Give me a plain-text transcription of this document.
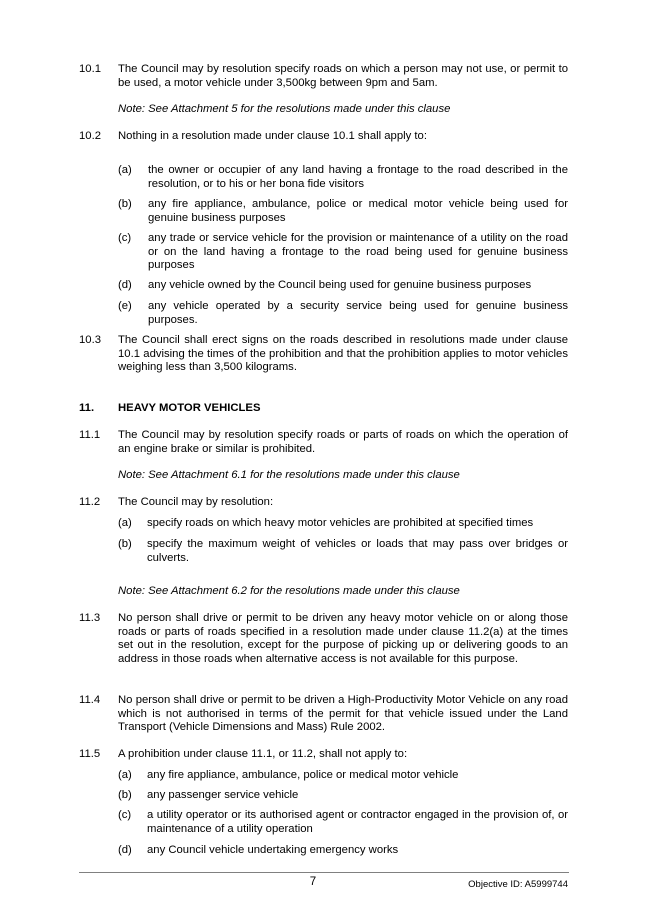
10.1 The Council may by resolution specify roads on which a person may not use, or permit to be used, a motor vehicle under 3,500kg between 9pm and 5am.
Note: See Attachment 5 for the resolutions made under this clause
10.2 Nothing in a resolution made under clause 10.1 shall apply to:
(a) the owner or occupier of any land having a frontage to the road described in the resolution, or to his or her bona fide visitors
(b) any fire appliance, ambulance, police or medical motor vehicle being used for genuine business purposes
(c) any trade or service vehicle for the provision or maintenance of a utility on the road or on the land having a frontage to the road being used for genuine business purposes
(d) any vehicle owned by the Council being used for genuine business purposes
(e) any vehicle operated by a security service being used for genuine business purposes.
10.3 The Council shall erect signs on the roads described in resolutions made under clause 10.1 advising the times of the prohibition and that the prohibition applies to motor vehicles weighing less than 3,500 kilograms.
11. HEAVY MOTOR VEHICLES
11.1 The Council may by resolution specify roads or parts of roads on which the operation of an engine brake or similar is prohibited.
Note: See Attachment 6.1 for the resolutions made under this clause
11.2 The Council may by resolution:
(a) specify roads on which heavy motor vehicles are prohibited at specified times
(b) specify the maximum weight of vehicles or loads that may pass over bridges or culverts.
Note: See Attachment 6.2 for the resolutions made under this clause
11.3 No person shall drive or permit to be driven any heavy motor vehicle on or along those roads or parts of roads specified in a resolution made under clause 11.2(a) at the times set out in the resolution, except for the purpose of picking up or delivering goods to an address in those roads when alternative access is not available for this purpose.
11.4 No person shall drive or permit to be driven a High-Productivity Motor Vehicle on any road which is not authorised in terms of the permit for that vehicle issued under the Land Transport (Vehicle Dimensions and Mass) Rule 2002.
11.5 A prohibition under clause 11.1, or 11.2, shall not apply to:
(a) any fire appliance, ambulance, police or medical motor vehicle
(b) any passenger service vehicle
(c) a utility operator or its authorised agent or contractor engaged in the provision of, or maintenance of a utility operation
(d) any Council vehicle undertaking emergency works
7	Objective ID: A5999744
